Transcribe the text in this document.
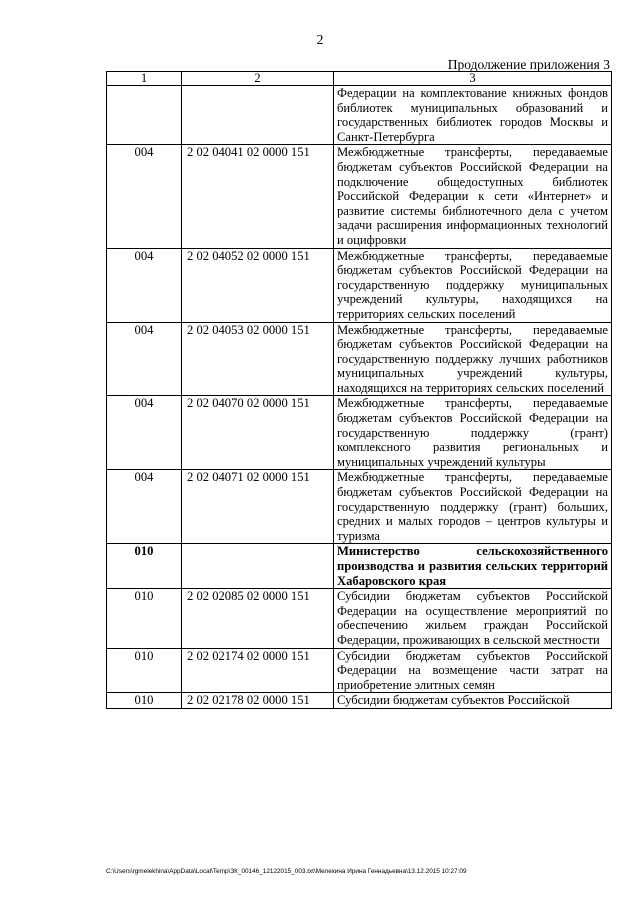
2
Продолжение приложения 3
1	2	3
		Федерации на комплектование книжных фондов библиотек муниципальных образований и государственных библиотек городов Москвы и Санкт-Петербурга
004	2 02 04041 02 0000 151	Межбюджетные трансферты, передаваемые бюджетам субъектов Российской Федерации на подключение общедоступных библиотек Российской Федерации к сети «Интернет» и развитие системы библиотечного дела с учетом задачи расширения информационных технологий и оцифровки
004	2 02 04052 02 0000 151	Межбюджетные трансферты, передаваемые бюджетам субъектов Российской Федерации на государственную поддержку муниципальных учреждений культуры, находящихся на территориях сельских поселений
004	2 02 04053 02 0000 151	Межбюджетные трансферты, передаваемые бюджетам субъектов Российской Федерации на государственную поддержку лучших работников муниципальных учреждений культуры, находящихся на территориях сельских поселений
004	2 02 04070 02 0000 151	Межбюджетные трансферты, передаваемые бюджетам субъектов Российской Федерации на государственную поддержку (грант) комплексного развития региональных и муниципальных учреждений культуры
004	2 02 04071 02 0000 151	Межбюджетные трансферты, передаваемые бюджетам субъектов Российской Федерации на государственную поддержку (грант) больших, средних и малых городов – центров культуры и туризма
010		Министерство сельскохозяйственного производства и развития сельских территорий Хабаровского края
010	2 02 02085 02 0000 151	Субсидии бюджетам субъектов Российской Федерации на осуществление мероприятий по обеспечению жильем граждан Российской Федерации, проживающих в сельской местности
010	2 02 02174 02 0000 151	Субсидии бюджетам субъектов Российской Федерации на возмещение части затрат на приобретение элитных семян
010	2 02 02178 02 0000 151	Субсидии бюджетам субъектов Российской
C:\Users\rgmelekhina\AppData\Local\Temp\ЗК_00146_12122015_003.txt\Мелехина Ирина Геннадьевна\13.12.2015 10:27:09
